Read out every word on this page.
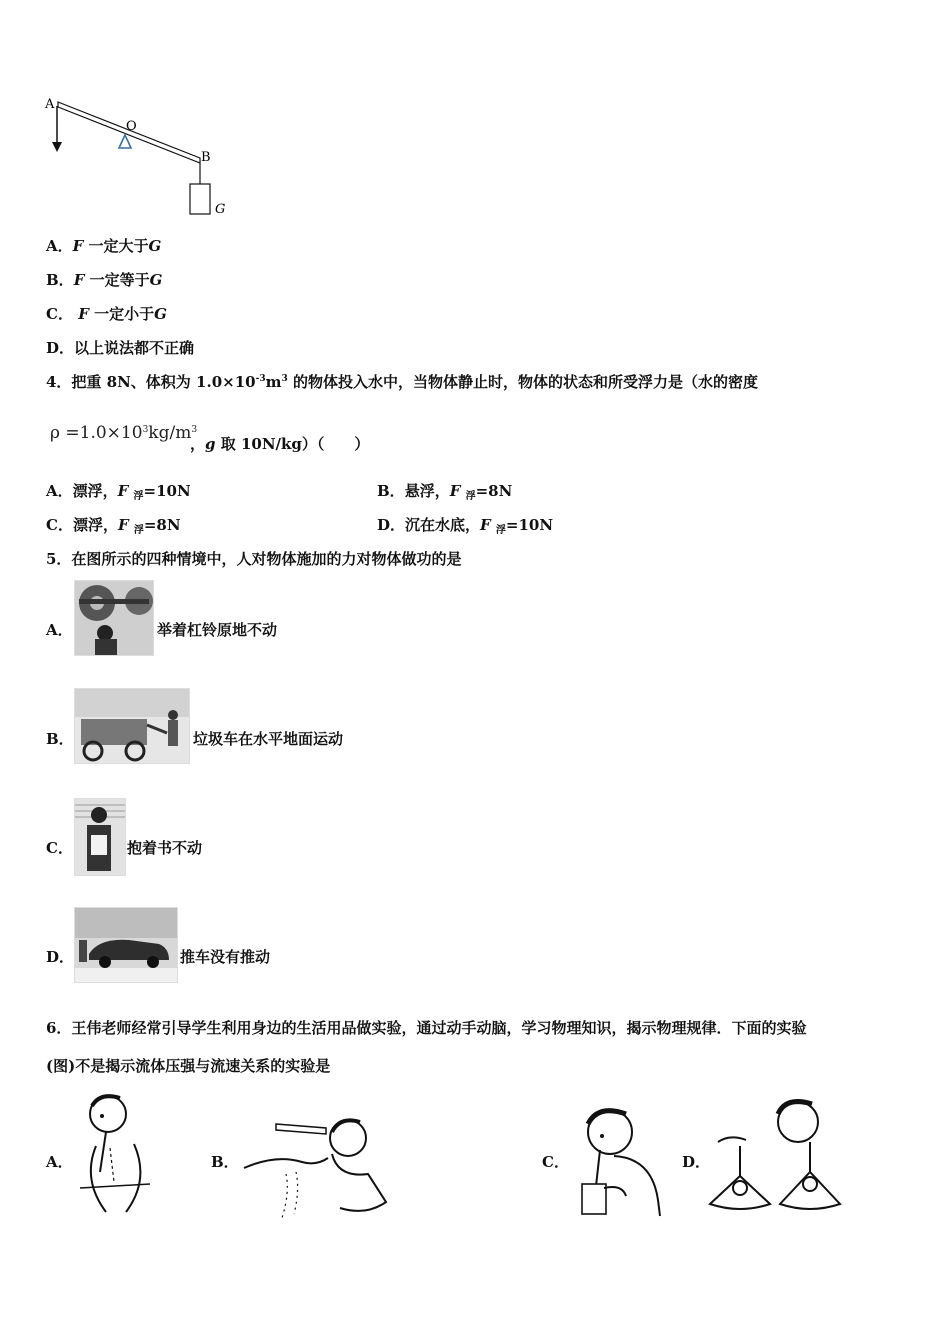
A
O
B
G
A．F 一定大于G
B．F 一定等于G
C． F 一定小于G
D．以上说法都不正确
4．把重 8N、体积为 $1.0\times 10^{-3}m^3$ 的物体投入水中，当物体静止时，物体的状态和所受浮力是（水的密度
$\rho =1.0\times 10^3kg/m^3$
，g 取 10N/kg）（　　）
A．漂浮，F $_浮$=10N	B．悬浮，F $_浮$=8N
C．漂浮，F $_浮$=8N	D．沉在水底，F $_浮$=10N
5．在图所示的四种情境中，人对物体施加的力对物体做功的是
A．	举着杠铃原地不动
B．	垃圾车在水平地面运动
C．	抱着书不动
D．	推车没有推动
6．王伟老师经常引导学生利用身边的生活用品做实验，通过动手动脑，学习物理知识，揭示物理规律．下面的实验
(图)不是揭示流体压强与流速关系的实验是
A．	B．	C．	D．
